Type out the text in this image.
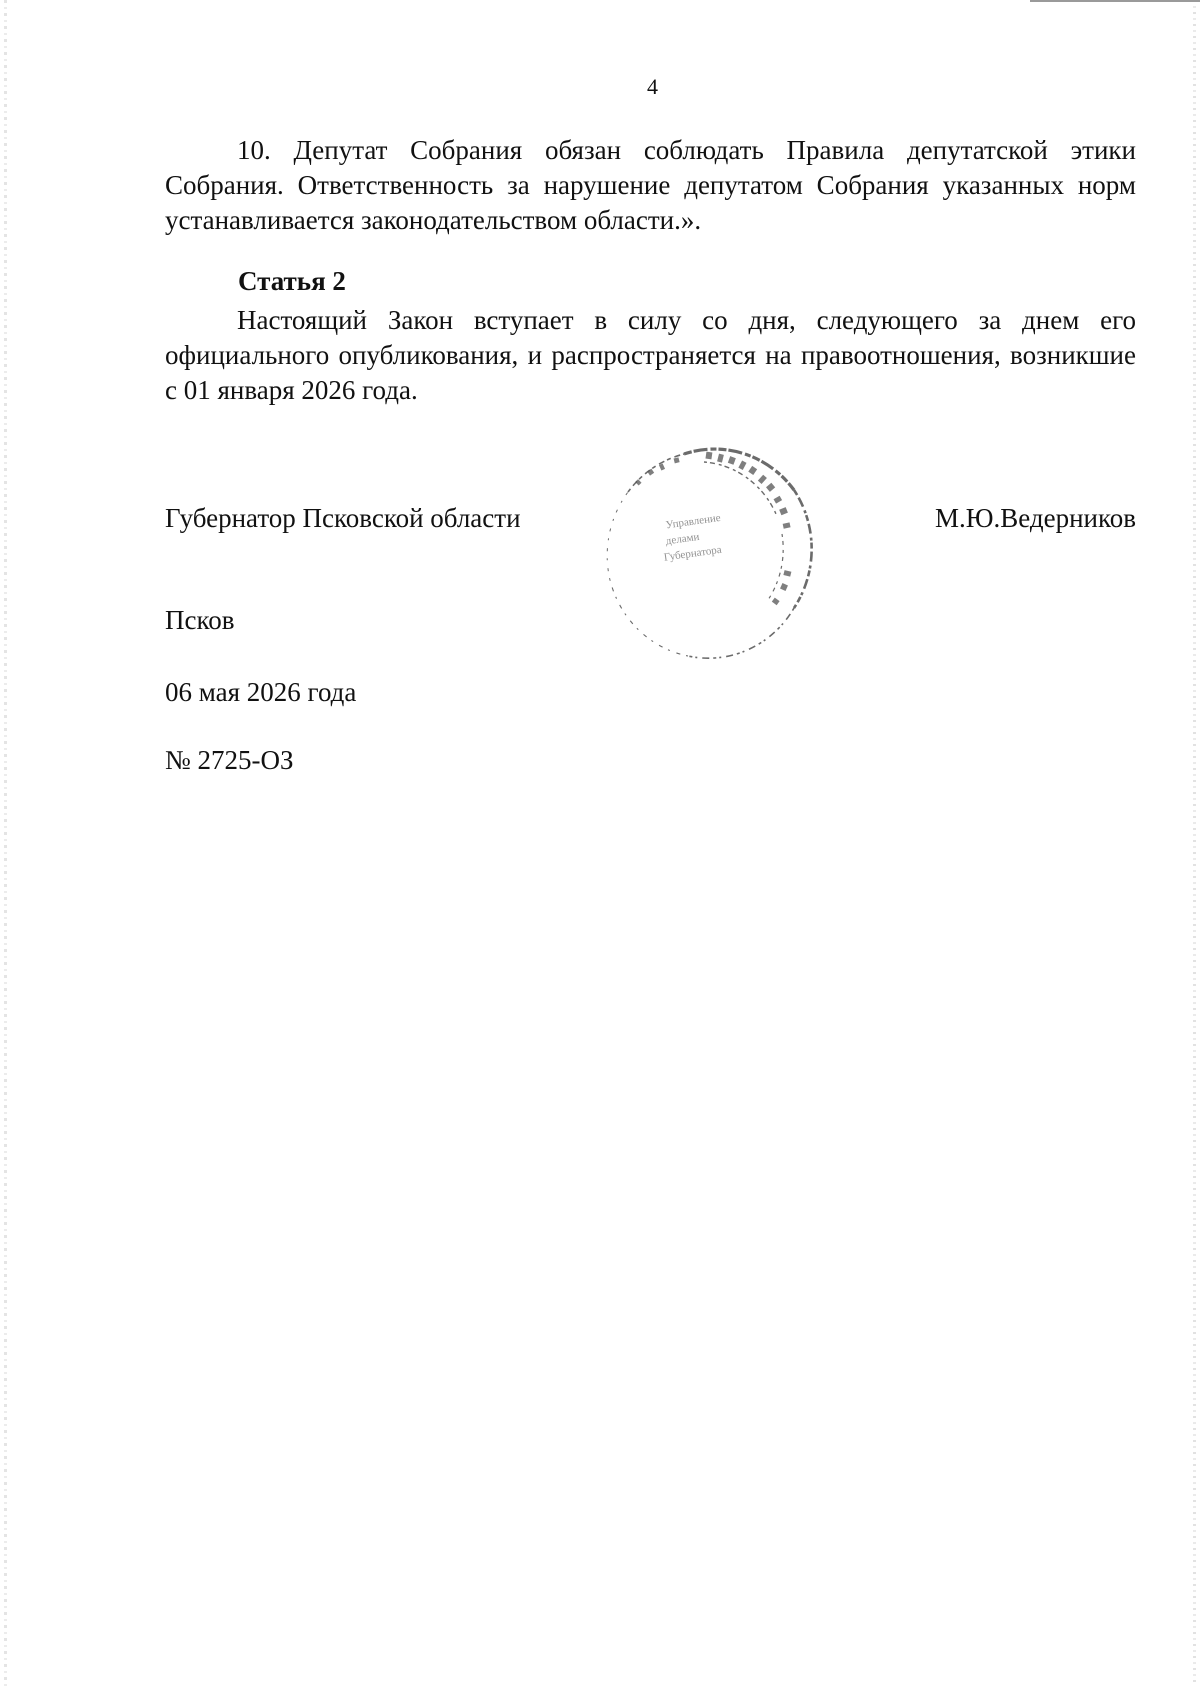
4

10. Депутат Собрания обязан соблюдать Правила депутатской этики Собрания. Ответственность за нарушение депутатом Собрания указанных норм устанавливается законодательством области.».

Статья 2

Настоящий Закон вступает в силу со дня, следующего за днем его официального опубликования, и распространяется на правоотношения, возникшие с 01 января 2026 года.

Губернатор Псковской области	Управление
делами
Губернатора
М.Ю.Ведерников
Псков
06 мая 2026 года
№ 2725-ОЗ
